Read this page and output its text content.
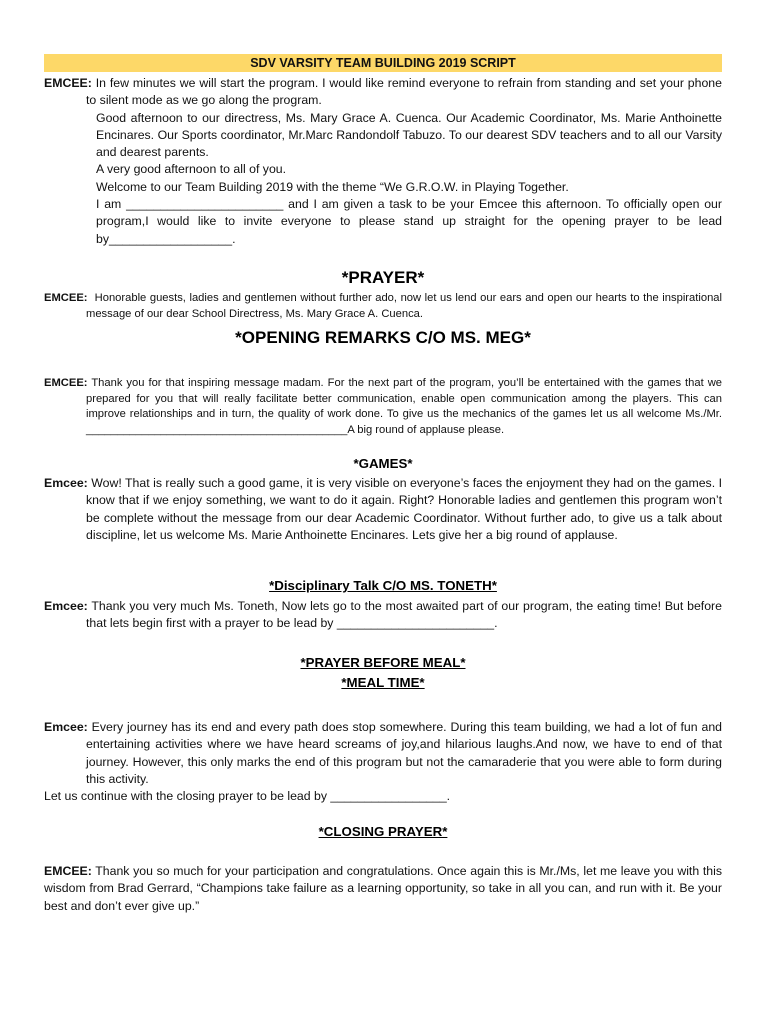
SDV VARSITY TEAM BUILDING 2019 SCRIPT

EMCEE: In few minutes we will start the program. I would like remind everyone to refrain from standing and set your phone to silent mode as we go along the program.

Good afternoon to our directress, Ms. Mary Grace A. Cuenca. Our Academic Coordinator, Ms. Marie Anthoinette Encinares. Our Sports coordinator, Mr.Marc Randondolf Tabuzo. To our dearest SDV teachers and to all our Varsity and dearest parents.

A very good afternoon to all of you.

Welcome to our Team Building 2019 with the theme “We G.R.O.W. in Playing Together.

I am _______________________ and I am given a task to be your Emcee this afternoon. To officially open our program,I would like to invite everyone to please stand up straight for the opening prayer to be lead by__________________.

*PRAYER*

EMCEE: Honorable guests, ladies and gentlemen without further ado, now let us lend our ears and open our hearts to the inspirational message of our dear School Directress, Ms. Mary Grace A. Cuenca.

*OPENING REMARKS C/O MS. MEG*

EMCEE: Thank you for that inspiring message madam. For the next part of the program, you’ll be entertained with the games that we prepared for you that will really facilitate better communication, enable open communication among the players. This can improve relationships and in turn, the quality of work done. To give us the mechanics of the games let us all welcome Ms./Mr. __________________________________________A big round of applause please.

*GAMES*

Emcee: Wow! That is really such a good game, it is very visible on everyone’s faces the enjoyment they had on the games. I know that if we enjoy something, we want to do it again. Right? Honorable ladies and gentlemen this program won’t be complete without the message from our dear Academic Coordinator. Without further ado, to give us a talk about discipline, let us welcome Ms. Marie Anthoinette Encinares. Lets give her a big round of applause.

*Disciplinary Talk C/O MS. TONETH*

Emcee: Thank you very much Ms. Toneth, Now lets go to the most awaited part of our program, the eating time! But before that lets begin first with a prayer to be lead by _______________________.

*PRAYER BEFORE MEAL*
*MEAL TIME*

Emcee: Every journey has its end and every path does stop somewhere. During this team building, we had a lot of fun and entertaining activities where we have heard screams of joy,and hilarious laughs.And now, we have to end of that journey. However, this only marks the end of this program but not the camaraderie that you were able to form during this activity.

Let us continue with the closing prayer to be lead by _________________.

*CLOSING PRAYER*

EMCEE: Thank you so much for your participation and congratulations. Once again this is Mr./Ms, let me leave you with this wisdom from Brad Gerrard, “Champions take failure as a learning opportunity, so take in all you can, and run with it. Be your best and don’t ever give up.”
